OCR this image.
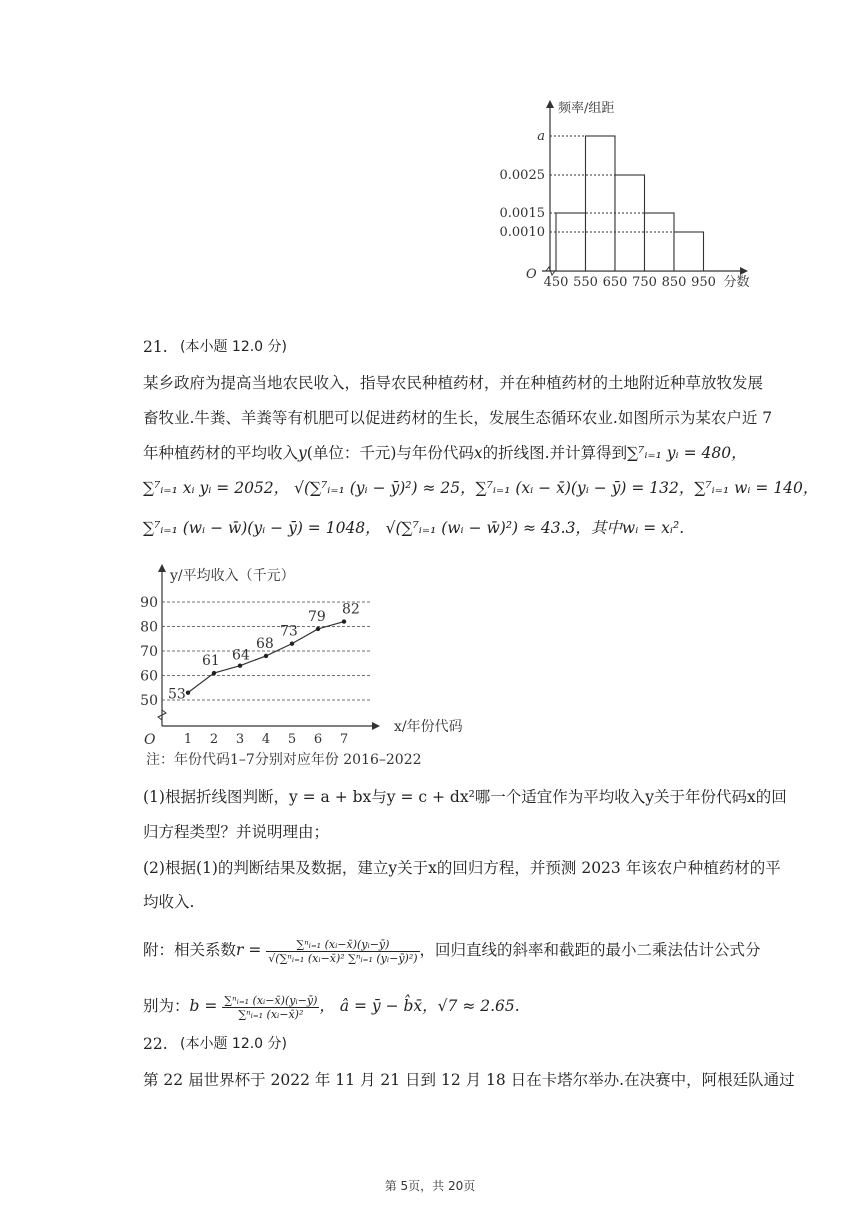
频率/组距
O
a
0.0025
0.0015
0.0010
450 550 650 750 850 950 分数
21. (本小题 12.0 分)
某乡政府为提高当地农民收入，指导农民种植药材，并在种植药材的土地附近种草放牧发展
畜牧业.牛粪、羊粪等有机肥可以促进药材的生长，发展生态循环农业.如图所示为某农户近 7
年种植药材的平均收入y(单位：千元)与年份代码x的折线图.并计算得到∑⁷ᵢ₌₁ yᵢ = 480，
∑⁷ᵢ₌₁ xᵢ yᵢ = 2052， √(∑⁷ᵢ₌₁ (yᵢ − ȳ)²) ≈ 25，∑⁷ᵢ₌₁ (xᵢ − x̄)(yᵢ − ȳ) = 132，∑⁷ᵢ₌₁ wᵢ = 140，
∑⁷ᵢ₌₁ (wᵢ − w̄)(yᵢ − ȳ) = 1048， √(∑⁷ᵢ₌₁ (wᵢ − w̄)²) ≈ 43.3，其中wᵢ = xᵢ².
y/平均收入（千元）
x/年份代码
O
50
60
70
80
90
1 2 3 4 5 6 7
53
61 64
68
73
79 82
注：年份代码1–7分别对应年份 2016–2022
(1)根据折线图判断，y = a + bx与y = c + dx²哪一个适宜作为平均收入y关于年份代码x的回
归方程类型？并说明理由；
(2)根据(1)的判断结果及数据，建立y关于x的回归方程，并预测 2023 年该农户种植药材的平
均收入.
附：相关系数$r = \frac{\text{∑ⁿᵢ₌₁ (xᵢ−x̄)(yᵢ−ȳ)}}{\text{√(∑ⁿᵢ₌₁ (xᵢ−x̄)² ∑ⁿᵢ₌₁ (yᵢ−ȳ)²)}}$ ，回归直线的斜率和截距的最小二乘法估计公式分
别为：$b = \frac{\text{∑ⁿᵢ₌₁ (xᵢ−x̄)(yᵢ−ȳ)}}{\text{∑ⁿᵢ₌₁ (xᵢ−x̄)²}}$ ， â = ȳ − b̂x̄，√7 ≈ 2.65.
22. (本小题 12.0 分)
第 22 届世界杯于 2022 年 11 月 21 日到 12 月 18 日在卡塔尔举办.在决赛中，阿根廷队通过
第 5页，共 20页
